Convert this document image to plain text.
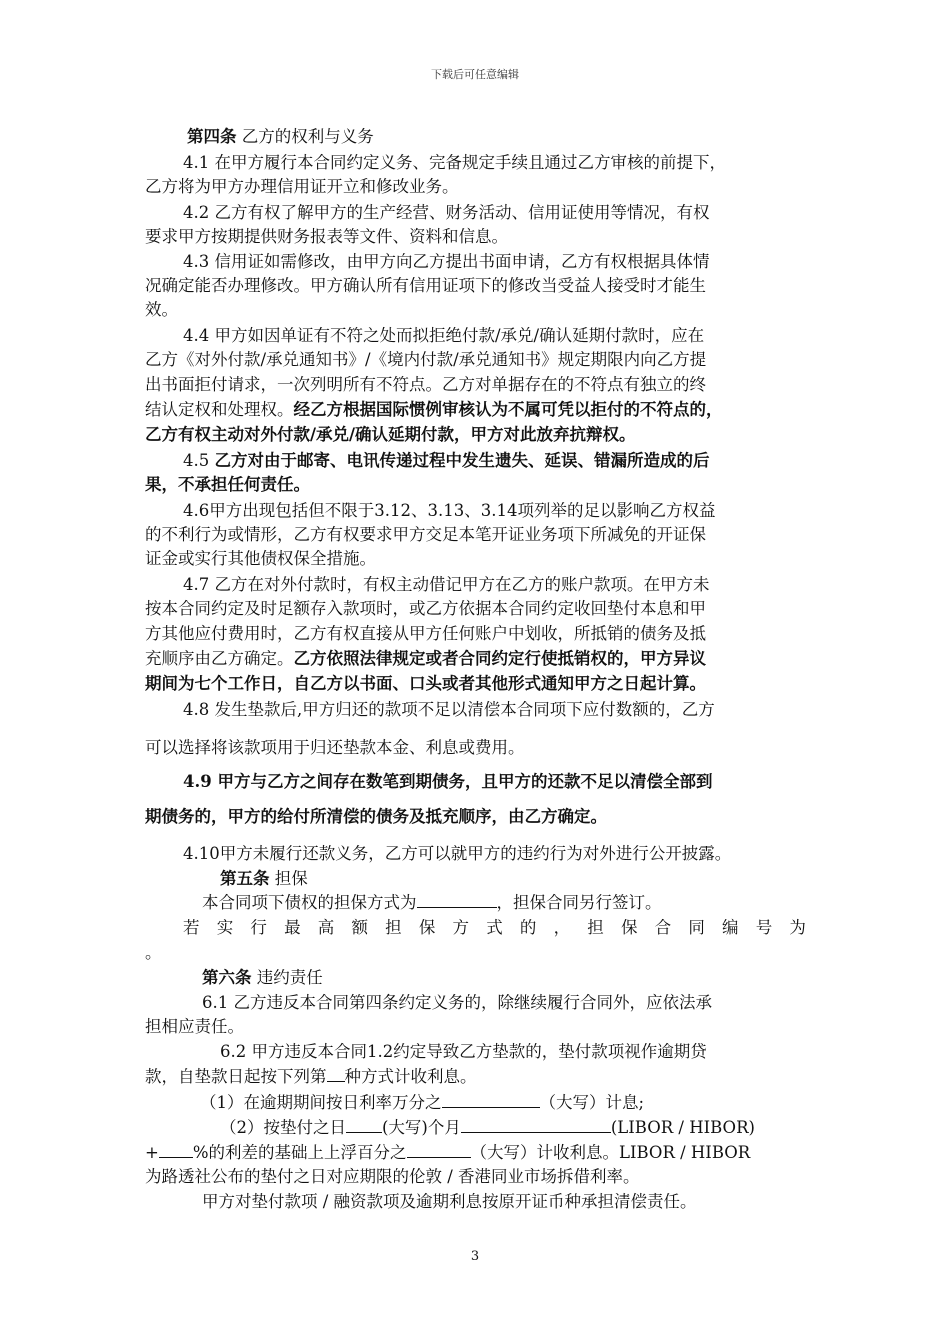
下载后可任意编辑
第四条 乙方的权利与义务
4.1 在甲方履行本合同约定义务、完备规定手续且通过乙方审核的前提下，
乙方将为甲方办理信用证开立和修改业务。
4.2 乙方有权了解甲方的生产经营、财务活动、信用证使用等情况，有权
要求甲方按期提供财务报表等文件、资料和信息。
4.3 信用证如需修改，由甲方向乙方提出书面申请，乙方有权根据具体情
况确定能否办理修改。甲方确认所有信用证项下的修改当受益人接受时才能生
效。
4.4 甲方如因单证有不符之处而拟拒绝付款/承兑/确认延期付款时，应在
乙方《对外付款/承兑通知书》/《境内付款/承兑通知书》规定期限内向乙方提
出书面拒付请求，一次列明所有不符点。乙方对单据存在的不符点有独立的终
结认定权和处理权。经乙方根据国际惯例审核认为不属可凭以拒付的不符点的，
乙方有权主动对外付款/承兑/确认延期付款，甲方对此放弃抗辩权。
4.5 乙方对由于邮寄、电讯传递过程中发生遗失、延误、错漏所造成的后
果，不承担任何责任。
4.6甲方出现包括但不限于3.12、3.13、3.14项列举的足以影响乙方权益
的不利行为或情形，乙方有权要求甲方交足本笔开证业务项下所减免的开证保
证金或实行其他债权保全措施。
4.7 乙方在对外付款时，有权主动借记甲方在乙方的账户款项。在甲方未
按本合同约定及时足额存入款项时，或乙方依据本合同约定收回垫付本息和甲
方其他应付费用时，乙方有权直接从甲方任何账户中划收，所抵销的债务及抵
充顺序由乙方确定。乙方依照法律规定或者合同约定行使抵销权的，甲方异议
期间为七个工作日，自乙方以书面、口头或者其他形式通知甲方之日起计算。
4.8 发生垫款后,甲方归还的款项不足以清偿本合同项下应付数额的，乙方
可以选择将该款项用于归还垫款本金、利息或费用。
4.9 甲方与乙方之间存在数笔到期债务，且甲方的还款不足以清偿全部到
期债务的，甲方的给付所清偿的债务及抵充顺序，由乙方确定。
4.10甲方未履行还款义务，乙方可以就甲方的违约行为对外进行公开披露。
第五条 担保
本合同项下债权的担保方式为	，担保合同另行签订。
若 实 行 最 高 额 担 保 方 式 的 ， 担 保 合 同 编 号 为
。
第六条 违约责任
6.1 乙方违反本合同第四条约定义务的，除继续履行合同外，应依法承
担相应责任。
6.2 甲方违反本合同1.2约定导致乙方垫款的，垫付款项视作逾期贷
款，自垫款日起按下列第 种方式计收利息。
（1）在逾期期间按日利率万分之	（大写）计息;
（2）按垫付之日 (大写)个月	(LIBOR / HIBOR)
+ %的利差的基础上上浮百分之	（大写）计收利息。LIBOR / HIBOR
为路透社公布的垫付之日对应期限的伦敦 / 香港同业市场拆借利率。
甲方对垫付款项 / 融资款项及逾期利息按原开证币种承担清偿责任。
3
